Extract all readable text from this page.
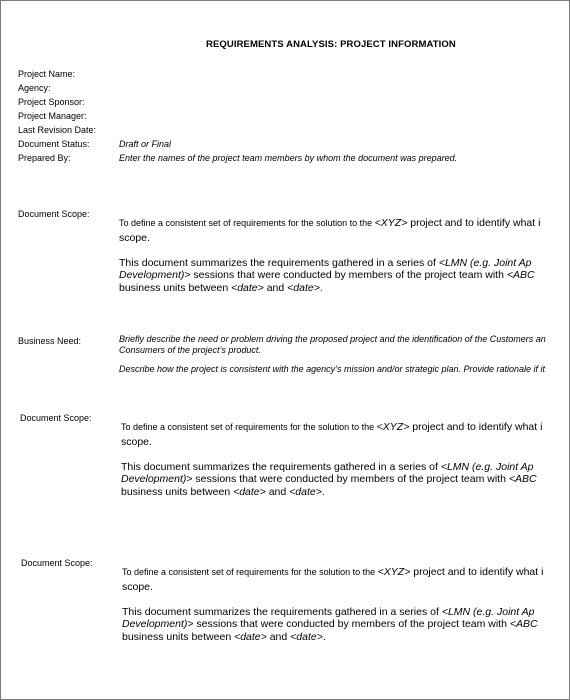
REQUIREMENTS ANALYSIS: PROJECT INFORMATION
Project Name:
Agency:
Project Sponsor:
Project Manager:
Last Revision Date:
Document Status:	Draft or Final
Prepared By:	Enter the names of the project team members by whom the document was prepared.
Document Scope:
To define a consistent set of requirements for the solution to the <XYZ> project and to identify what i
scope.
This document summarizes the requirements gathered in a series of <LMN (e.g. Joint Ap
Development)> sessions that were conducted by members of the project team with <ABC
business units between <date> and <date>.
Business Need:	Briefly describe the need or problem driving the proposed project and the identification of the Customers an
Consumers of the project’s product.
Describe how the project is consistent with the agency’s mission and/or strategic plan. Provide rationale if it
Document Scope:
To define a consistent set of requirements for the solution to the <XYZ> project and to identify what i
scope.
This document summarizes the requirements gathered in a series of <LMN (e.g. Joint Ap
Development)> sessions that were conducted by members of the project team with <ABC
business units between <date> and <date>.
Document Scope:
To define a consistent set of requirements for the solution to the <XYZ> project and to identify what i
scope.
This document summarizes the requirements gathered in a series of <LMN (e.g. Joint Ap
Development)> sessions that were conducted by members of the project team with <ABC
business units between <date> and <date>.
